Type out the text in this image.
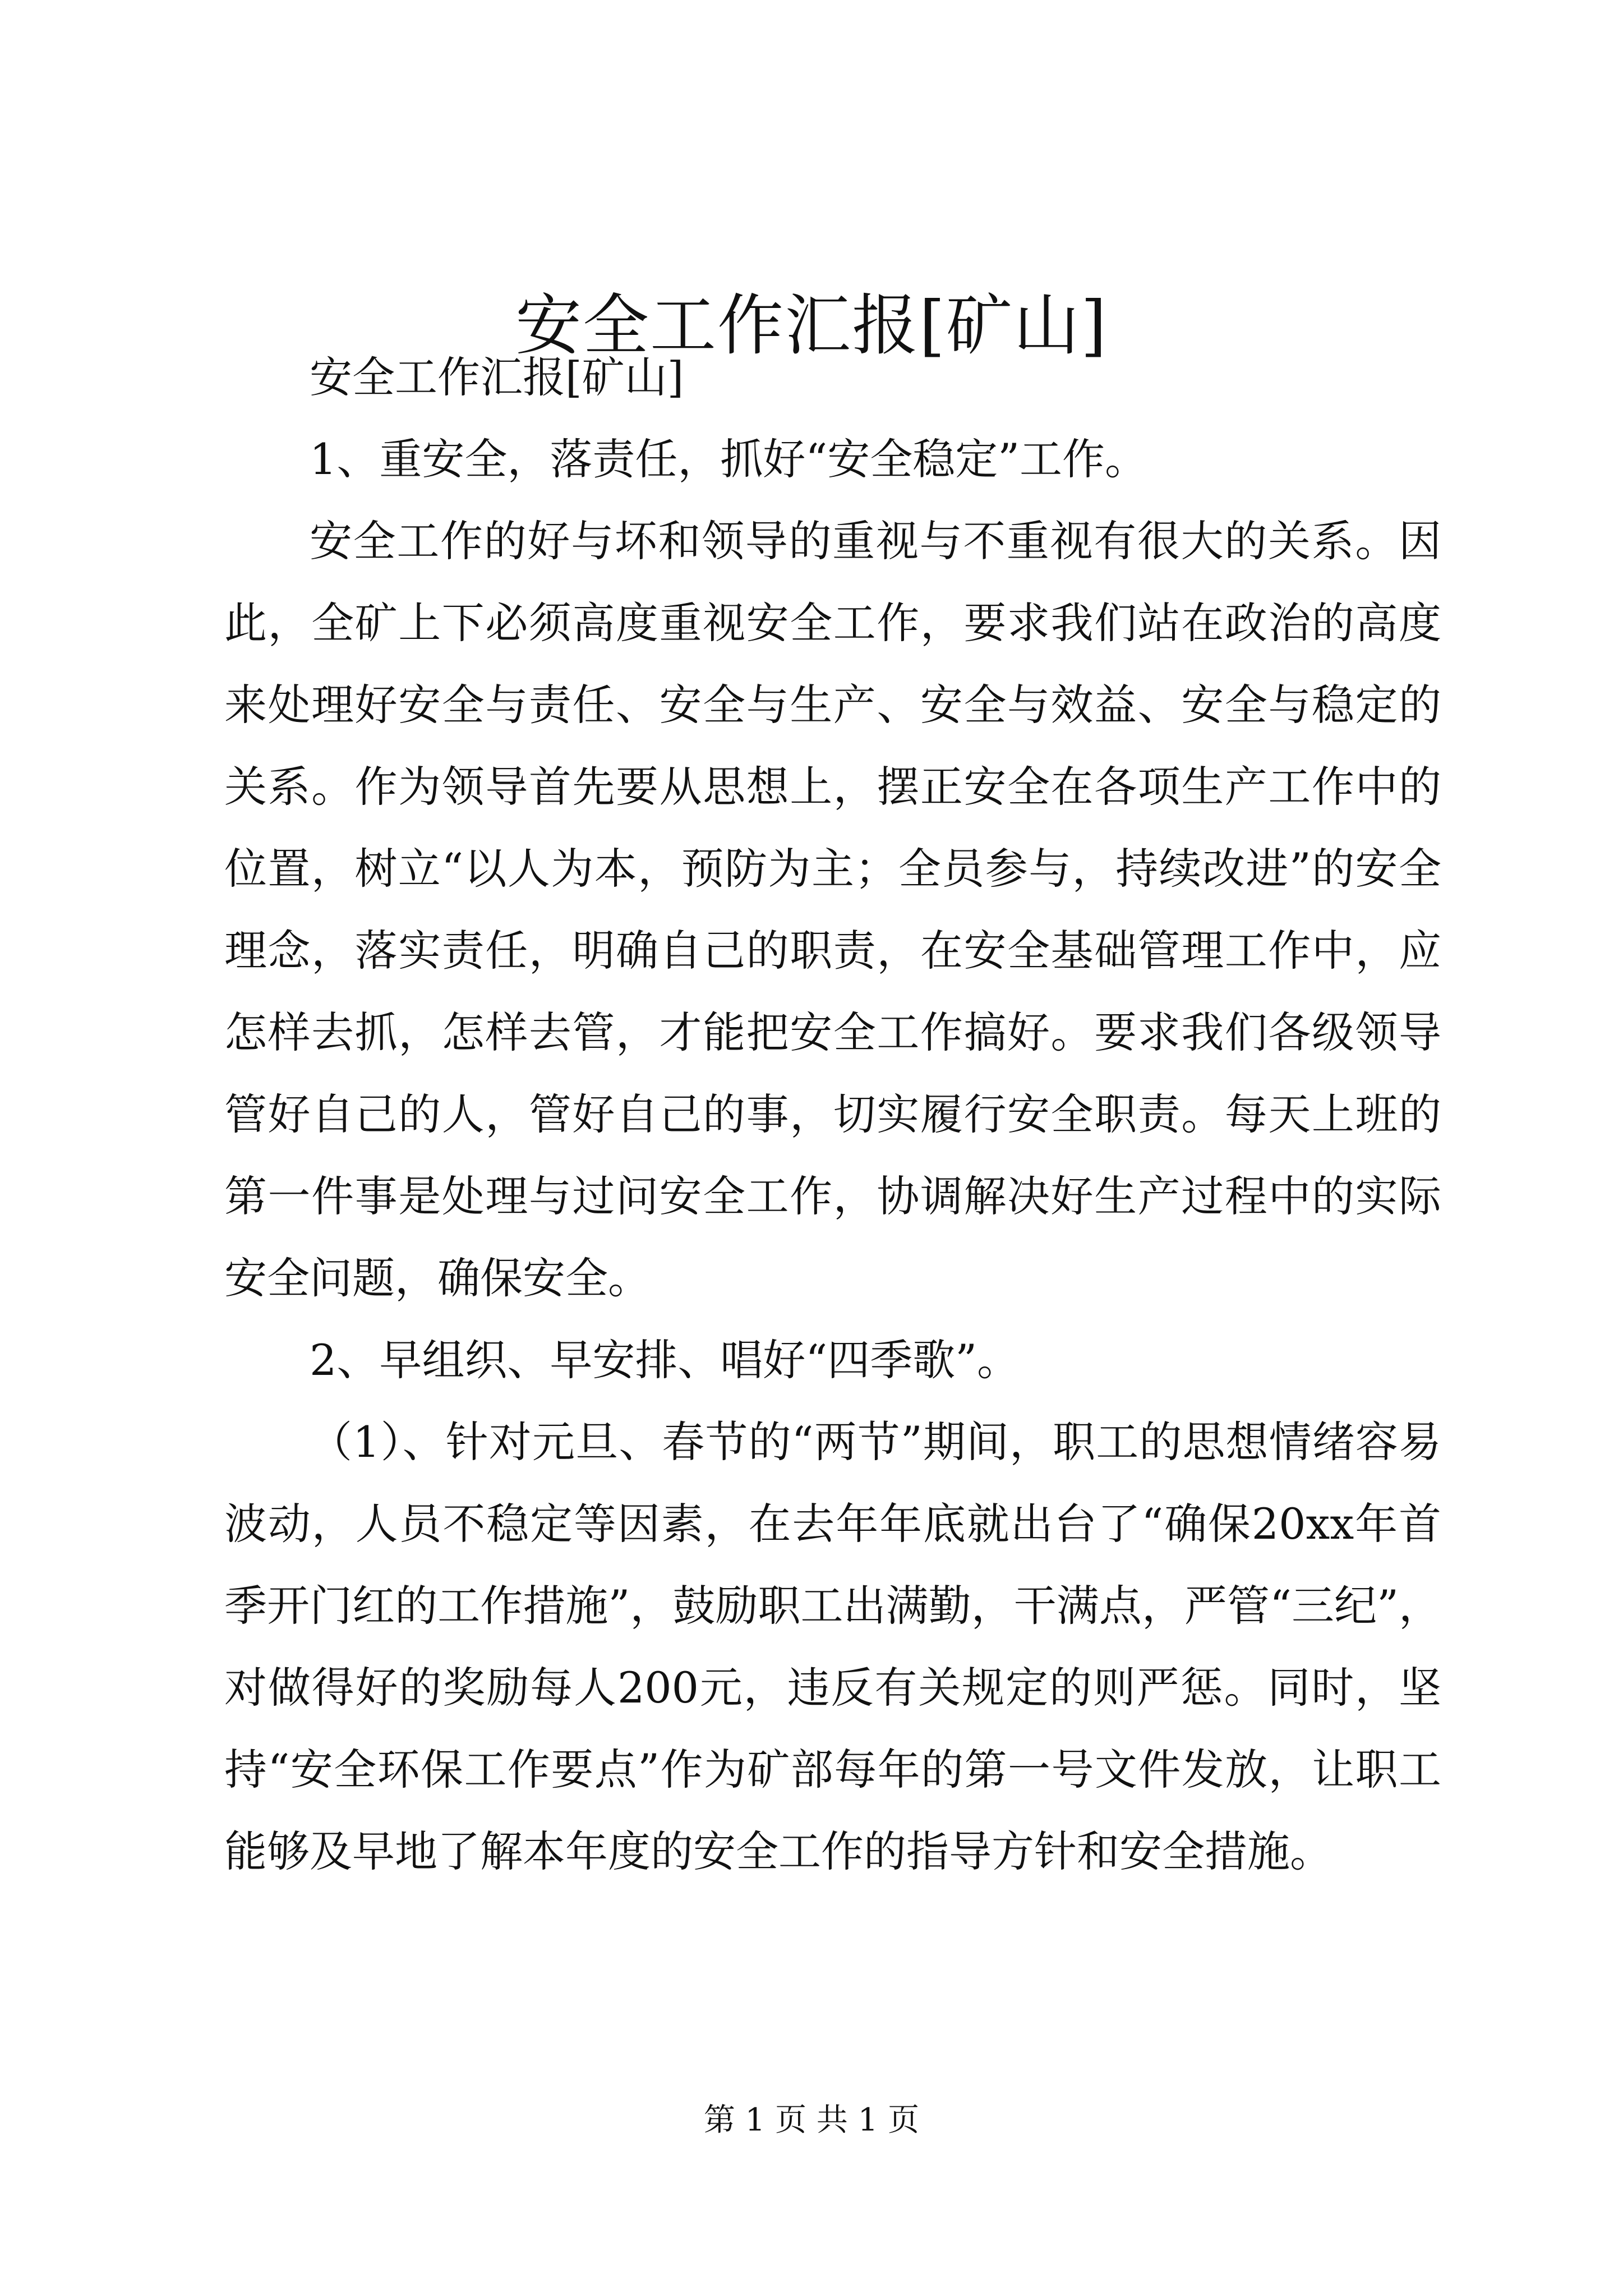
安全工作汇报[矿山]

安全工作汇报[矿山]

1、重安全，落责任，抓好“安全稳定”工作。

安全工作的好与坏和领导的重视与不重视有很大的关系。因此，全矿上下必须高度重视安全工作，要求我们站在政治的高度来处理好安全与责任、安全与生产、安全与效益、安全与稳定的关系。作为领导首先要从思想上，摆正安全在各项生产工作中的位置，树立“以人为本，预防为主；全员参与，持续改进”的安全理念，落实责任，明确自己的职责，在安全基础管理工作中，应怎样去抓，怎样去管，才能把安全工作搞好。要求我们各级领导管好自己的人，管好自己的事，切实履行安全职责。每天上班的第一件事是处理与过问安全工作，协调解决好生产过程中的实际安全问题，确保安全。

2、早组织、早安排、唱好“四季歌”。

（1）、针对元旦、春节的“两节”期间，职工的思想情绪容易波动，人员不稳定等因素，在去年年底就出台了“确保20xx年首季开门红的工作措施”，鼓励职工出满勤，干满点，严管“三纪”，对做得好的奖励每人200元，违反有关规定的则严惩。同时，坚持“安全环保工作要点”作为矿部每年的第一号文件发放，让职工能够及早地了解本年度的安全工作的指导方针和安全措施。

第 1 页 共 1 页
